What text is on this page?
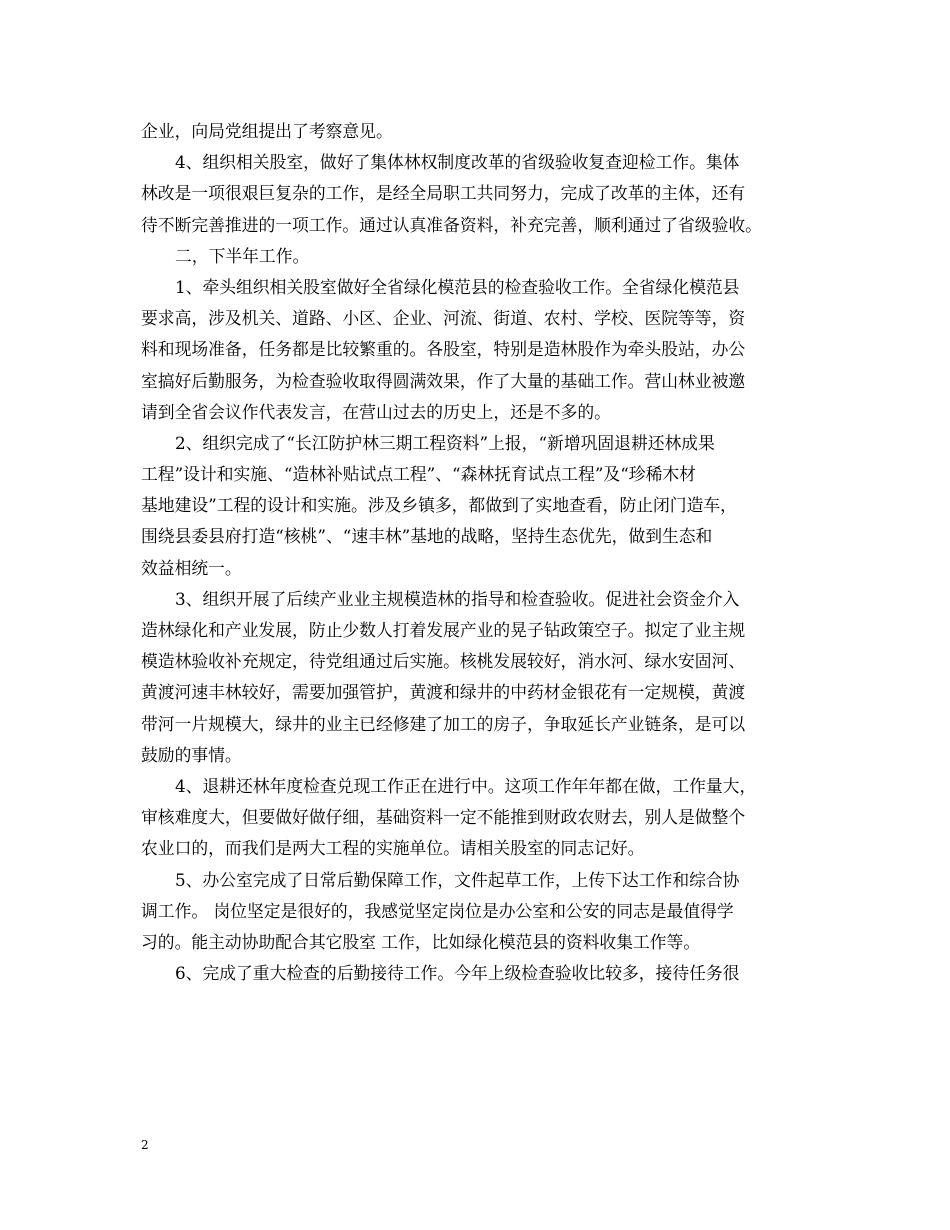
企业，向局党组提出了考察意见。
4、组织相关股室，做好了集体林权制度改革的省级验收复查迎检工作。集体
林改是一项很艰巨复杂的工作，是经全局职工共同努力，完成了改革的主体，还有
待不断完善推进的一项工作。通过认真准备资料，补充完善，顺利通过了省级验收。
二，下半年工作。
1、牵头组织相关股室做好全省绿化模范县的检查验收工作。全省绿化模范县
要求高，涉及机关、道路、小区、企业、河流、街道、农村、学校、医院等等，资
料和现场准备，任务都是比较繁重的。各股室，特别是造林股作为牵头股站，办公
室搞好后勤服务，为检查验收取得圆满效果，作了大量的基础工作。营山林业被邀
请到全省会议作代表发言，在营山过去的历史上，还是不多的。
2、组织完成了“长江防护林三期工程资料”上报，“新增巩固退耕还林成果
工程”设计和实施、“造林补贴试点工程”、“森林抚育试点工程”及“珍稀木材
基地建设”工程的设计和实施。涉及乡镇多，都做到了实地查看，防止闭门造车，
围绕县委县府打造“核桃”、“速丰林”基地的战略，坚持生态优先，做到生态和
效益相统一。
3、组织开展了后续产业业主规模造林的指导和检查验收。促进社会资金介入
造林绿化和产业发展，防止少数人打着发展产业的晃子钻政策空子。拟定了业主规
模造林验收补充规定，待党组通过后实施。核桃发展较好，消水河、绿水安固河、
黄渡河速丰林较好，需要加强管护，黄渡和绿井的中药材金银花有一定规模，黄渡
带河一片规模大，绿井的业主已经修建了加工的房子，争取延长产业链条，是可以
鼓励的事情。
4、退耕还林年度检查兑现工作正在进行中。这项工作年年都在做，工作量大，
审核难度大，但要做好做仔细，基础资料一定不能推到财政农财去，别人是做整个
农业口的，而我们是两大工程的实施单位。请相关股室的同志记好。
5、办公室完成了日常后勤保障工作，文件起草工作，上传下达工作和综合协
调工作。 岗位坚定是很好的，我感觉坚定岗位是办公室和公安的同志是最值得学
习的。能主动协助配合其它股室 工作，比如绿化模范县的资料收集工作等。
6、完成了重大检查的后勤接待工作。今年上级检查验收比较多，接待任务很
2
